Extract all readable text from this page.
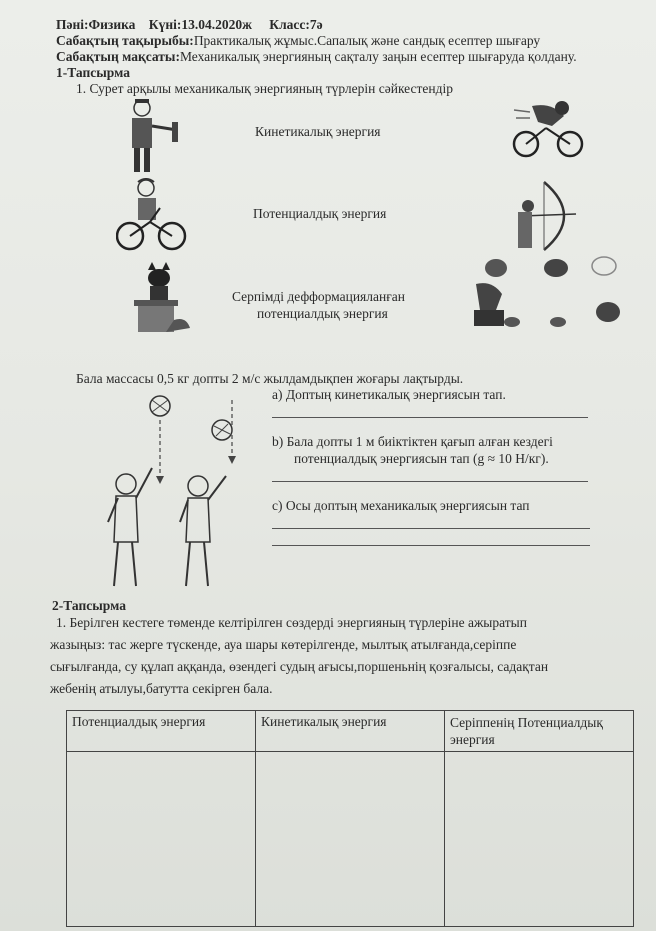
Пәні:Физика Күні:13.04.2020ж Класс:7ә
Сабақтың тақырыбы:Практикалық жұмыс.Сапалық және сандық есептер шығару
Сабақтың мақсаты:Механикалық энергияның сақталу заңын есептер шығаруда қолдану.
1-Тапсырма
1. Сурет арқылы механикалық энергияның түрлерін сәйкестендір
Кинетикалық энергия
Потенциалдық энергия
Серпімді дефформацияланған
потенциалдық энергия
Бала массасы 0,5 кг допты 2 м/с жылдамдықпен жоғары лақтырды.
a) Доптың кинетикалық энергиясын тап.
b) Бала допты 1 м биіктіктен қағып алған кездегі
потенциалдық энергиясын тап (g ≈ 10 Н/кг).
c) Осы доптың механикалық энергиясын тап
2-Тапсырма
1. Берілген кестеге төменде келтірілген сөздерді энергияның түрлеріне ажыратып
жазыңыз: тас жерге түскенде, ауа шары көтерілгенде, мылтық атылғанда,серіппе
сығылғанда, су құлап аққанда, өзендегі судың ағысы,поршеньнің қозғалысы, садақтан
жебенің атылуы,батутта секірген бала.
Потенциалдық энергия	Кинетикалық энергия	Серіппенің Потенциалдық
энергия
